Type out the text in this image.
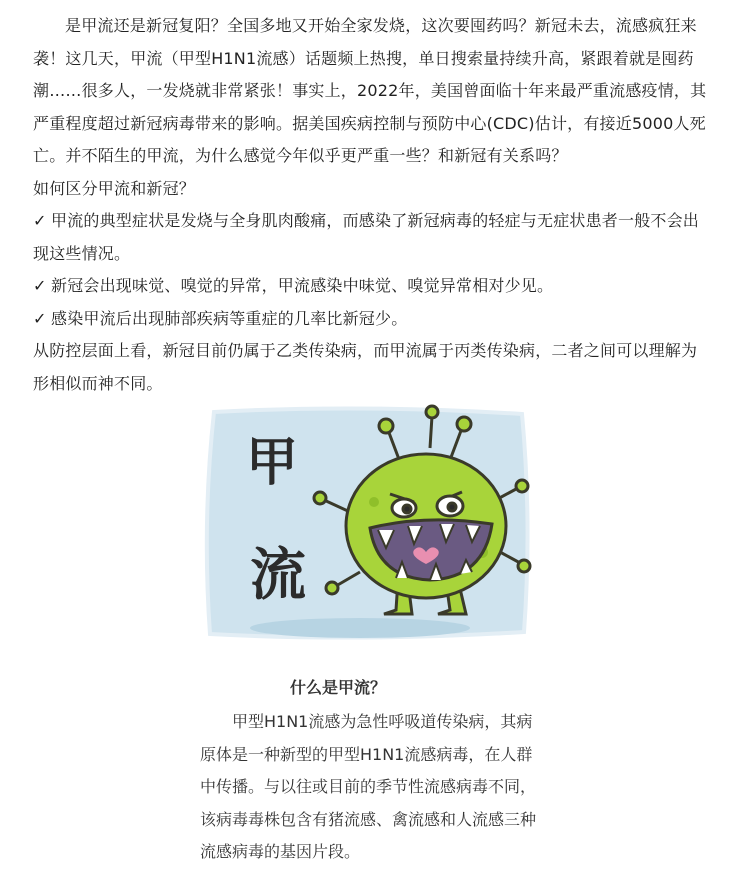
是甲流还是新冠复阳？全国多地又开始全家发烧，这次要囤药吗？新冠未去，流感疯狂来袭！这几天，甲流（甲型H1N1流感）话题频上热搜，单日搜索量持续升高，紧跟着就是囤药潮……很多人，一发烧就非常紧张！事实上，2022年，美国曾面临十年来最严重流感疫情，其严重程度超过新冠病毒带来的影响。据美国疾病控制与预防中心(CDC)估计，有接近5000人死亡。并不陌生的甲流，为什么感觉今年似乎更严重一些？和新冠有关系吗？

如何区分甲流和新冠？

✓ 甲流的典型症状是发烧与全身肌肉酸痛，而感染了新冠病毒的轻症与无症状患者一般不会出现这些情况。

✓ 新冠会出现味觉、嗅觉的异常，甲流感染中味觉、嗅觉异常相对少见。

✓ 感染甲流后出现肺部疾病等重症的几率比新冠少。

从防控层面上看，新冠目前仍属于乙类传染病，而甲流属于丙类传染病，二者之间可以理解为形相似而神不同。

甲
流

什么是甲流？

甲型H1N1流感为急性呼吸道传染病，其病原体是一种新型的甲型H1N1流感病毒，在人群中传播。与以往或目前的季节性流感病毒不同，该病毒毒株包含有猪流感、禽流感和人流感三种流感病毒的基因片段。
